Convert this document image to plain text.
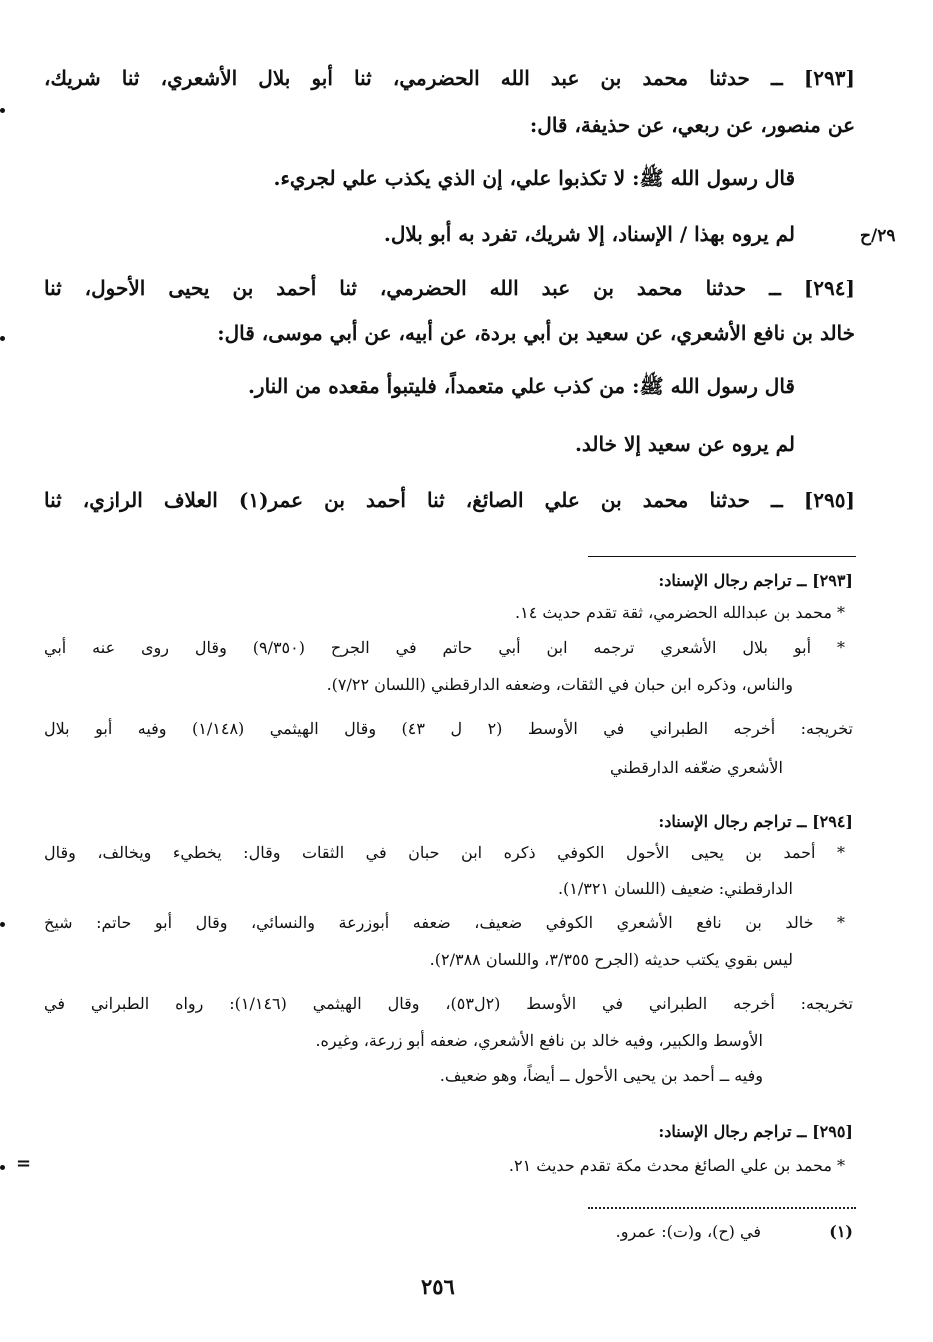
[٢٩٣] ــ حدثنا محمد بن عبد الله الحضرمي، ثنا أبو بلال الأشعري، ثنا شريك،
عن منصور، عن ربعي، عن حذيفة، قال:
قال رسول الله ﷺ: لا تكذبوا علي، إن الذي يكذب علي لجريء.
لم يروه بهذا / الإسناد، إلا شريك، تفرد به أبو بلال.	٢٩/ح
[٢٩٤] ــ حدثنا محمد بن عبد الله الحضرمي، ثنا أحمد بن يحيى الأحول، ثنا
خالد بن نافع الأشعري، عن سعيد بن أبي بردة، عن أبيه، عن أبي موسى، قال:
قال رسول الله ﷺ: من كذب علي متعمداً، فليتبوأ مقعده من النار.
لم يروه عن سعيد إلا خالد.
[٢٩٥] ــ حدثنا محمد بن علي الصائغ، ثنا أحمد بن عمر(١) العلاف الرازي، ثنا
[٢٩٣] ــ تراجم رجال الإسناد:
* محمد بن عبدالله الحضرمي، ثقة تقدم حديث ١٤.
* أبو بلال الأشعري ترجمه ابن أبي حاتم في الجرح (٩/٣٥٠) وقال روى عنه أبي
والناس، وذكره ابن حبان في الثقات، وضعفه الدارقطني (اللسان ٧/٢٢).
تخريجه: أخرجه الطبراني في الأوسط (٢ ل ٤٣) وقال الهيثمي (١/١٤٨) وفيه أبو بلال
الأشعري ضعّفه الدارقطني
[٢٩٤] ــ تراجم رجال الإسناد:
* أحمد بن يحيى الأحول الكوفي ذكره ابن حبان في الثقات وقال: يخطيء ويخالف، وقال
الدارقطني: ضعيف (اللسان ١/٣٢١).
* خالد بن نافع الأشعري الكوفي ضعيف، ضعفه أبوزرعة والنسائي، وقال أبو حاتم: شيخ
ليس بقوي يكتب حديثه (الجرح ٣/٣٥٥، واللسان ٢/٣٨٨).
تخريجه: أخرجه الطبراني في الأوسط (٢ل٥٣)، وقال الهيثمي (١/١٤٦): رواه الطبراني في
الأوسط والكبير، وفيه خالد بن نافع الأشعري، ضعفه أبو زرعة، وغيره.
وفيه ــ أحمد بن يحيى الأحول ــ أيضاً، وهو ضعيف.
[٢٩٥] ــ تراجم رجال الإسناد:
* محمد بن علي الصائغ محدث مكة تقدم حديث ٢١.
(١)
في (ح)، و(ت): عمرو.
٢٥٦
=
